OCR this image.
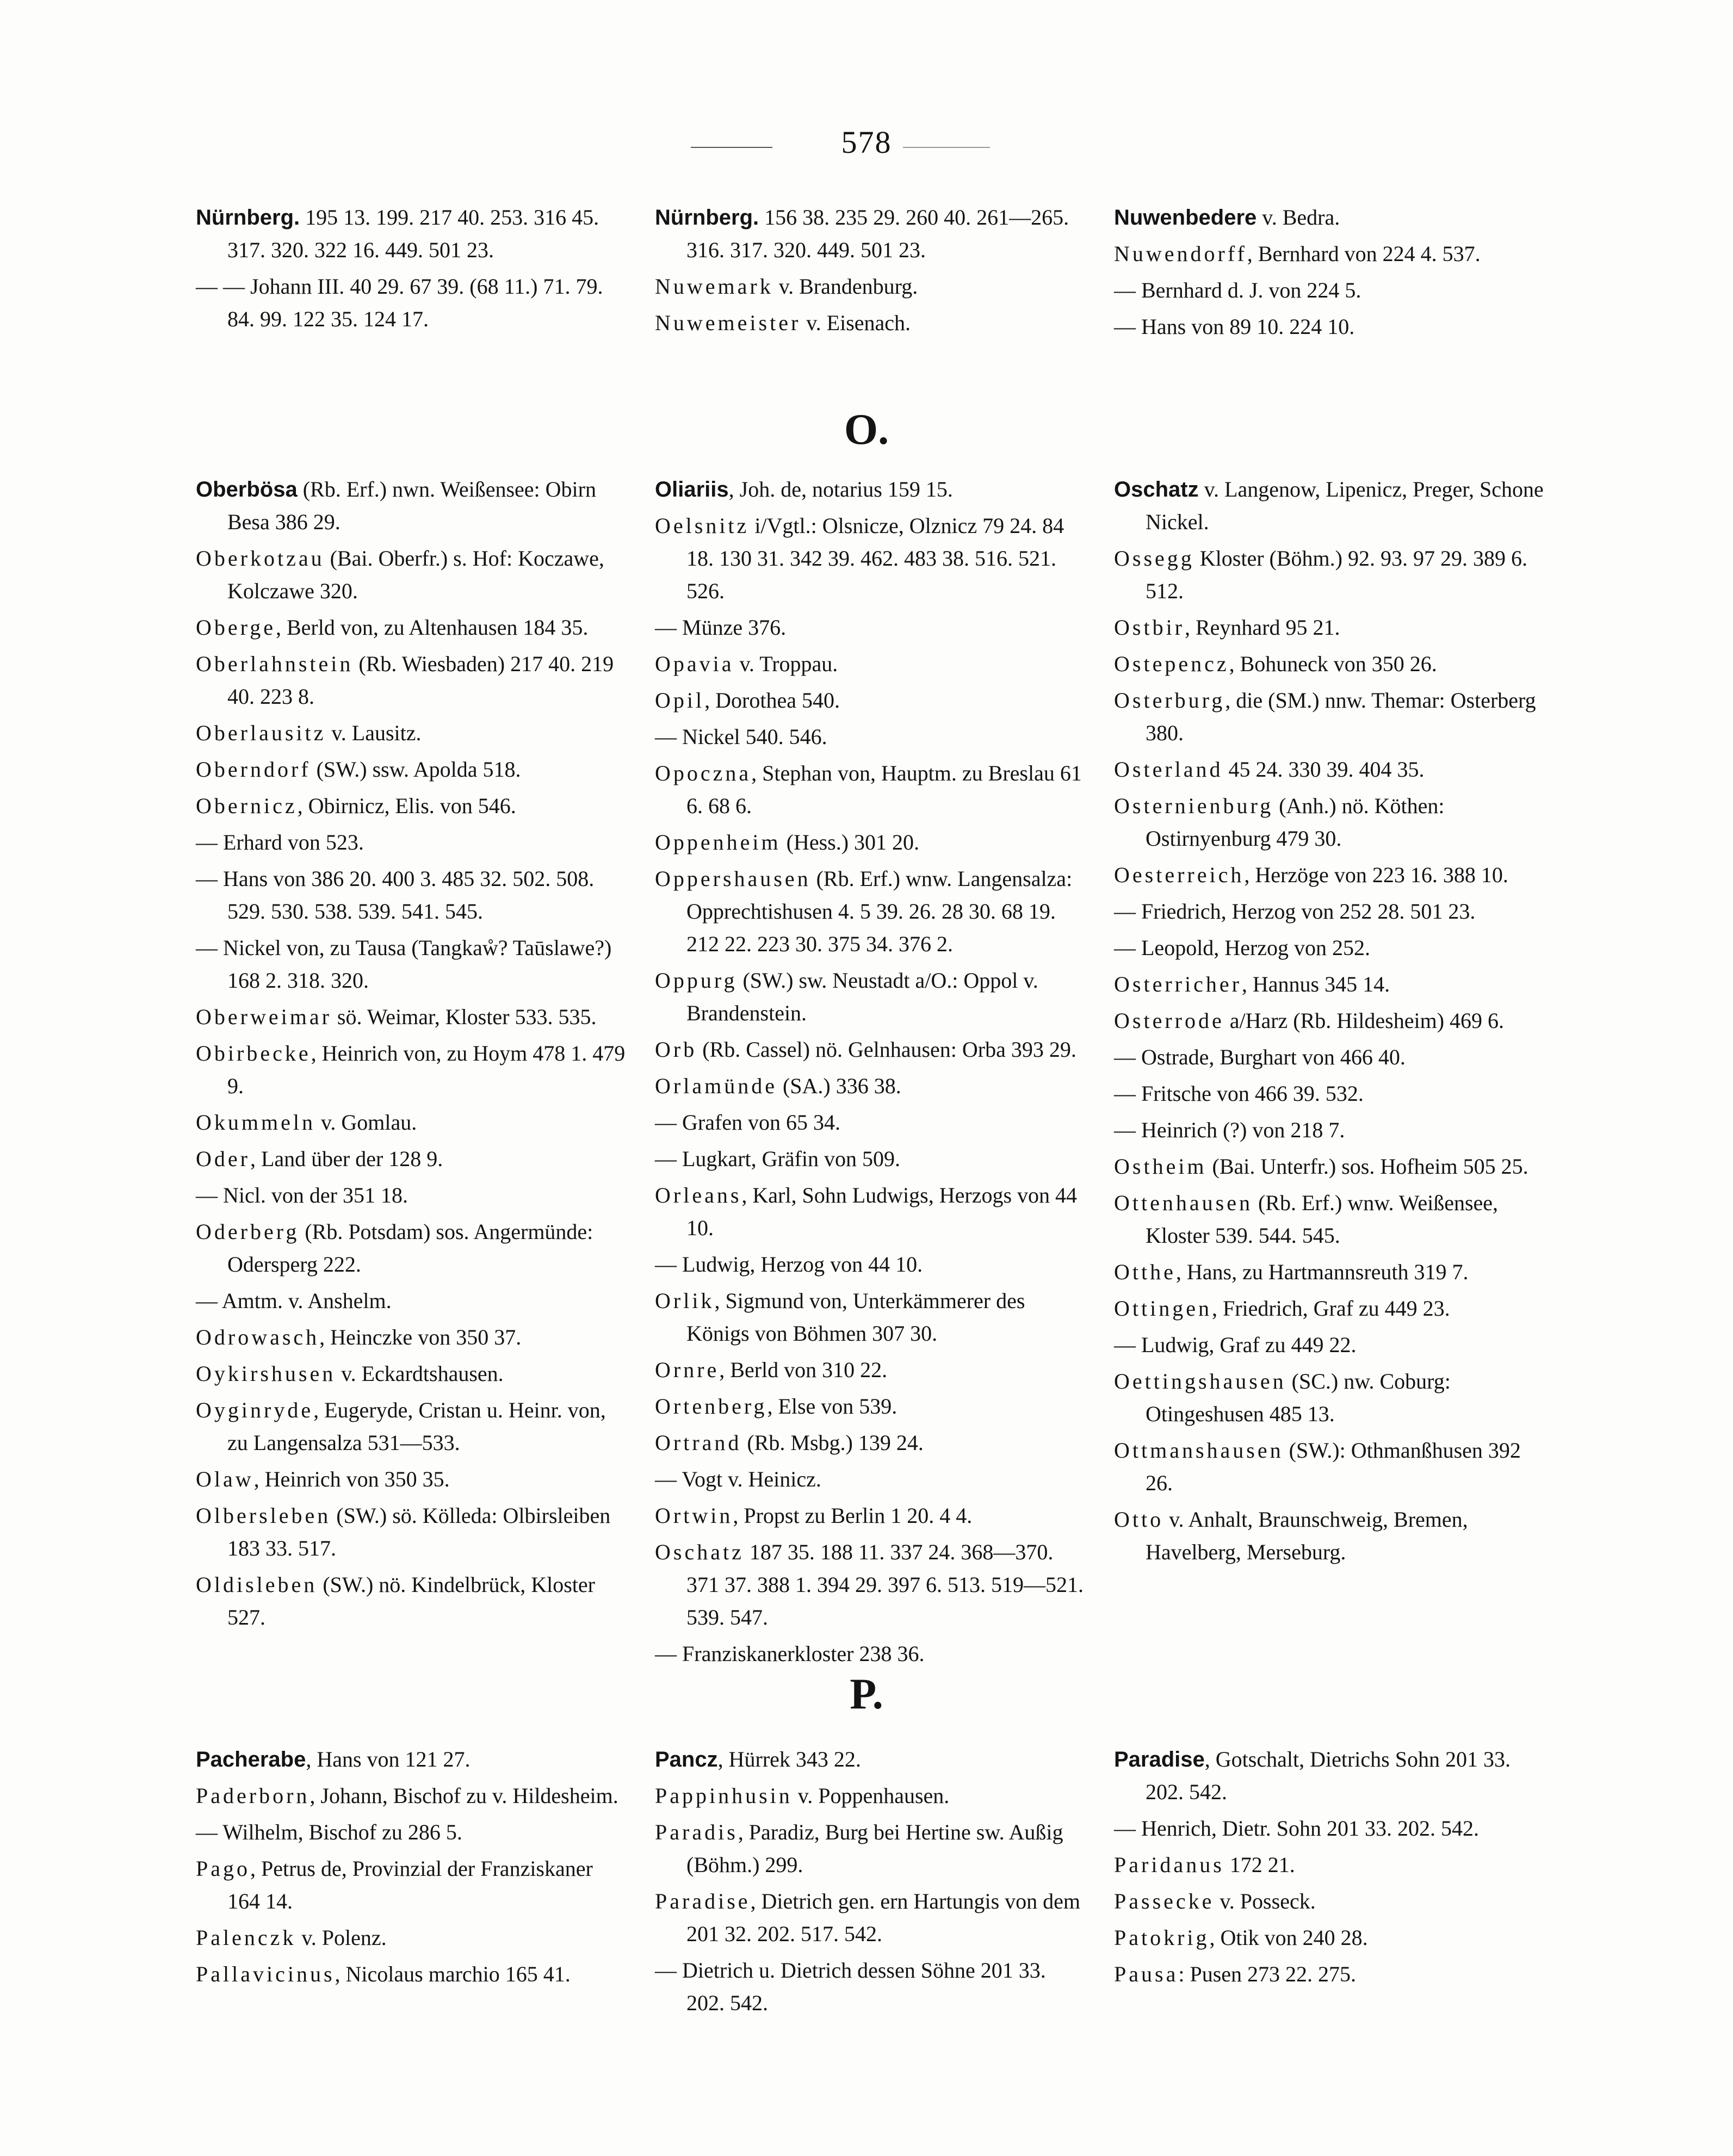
578
Nürnberg. 195 13. 199. 217 40. 253. 316 45. 317. 320. 322 16. 449. 501 23.
— — Johann III. 40 29. 67 39. (68 11.) 71. 79. 84. 99. 122 35. 124 17.
Nürnberg. 156 38. 235 29. 260 40. 261—265. 316. 317. 320. 449. 501 23.
Nuwemark v. Brandenburg.
Nuwemeister v. Eisenach.
Nuwenbedere v. Bedra.
Nuwendorff, Bernhard von 224 4. 537.
— Bernhard d. J. von 224 5.
— Hans von 89 10. 224 10.
O.
Oberbösa (Rb. Erf.) nwn. Weißensee: Obirn Besa 386 29.
Oberkotzau (Bai. Oberfr.) s. Hof: Koczawe, Kolczawe 320.
Oberge, Berld von, zu Altenhausen 184 35.
Oberlahnstein (Rb. Wiesbaden) 217 40. 219 40. 223 8.
Oberlausitz v. Lausitz.
Oberndorf (SW.) ssw. Apolda 518.
Obernicz, Obirnicz, Elis. von 546.
— Erhard von 523.
— Hans von 386 20. 400 3. 485 32. 502. 508. 529. 530. 538. 539. 541. 545.
— Nickel von, zu Tausa (Tangkaẘ? Taūslawe?) 168 2. 318. 320.
Oberweimar sö. Weimar, Kloster 533. 535.
Obirbecke, Heinrich von, zu Hoym 478 1. 479 9.
Okummeln v. Gomlau.
Oder, Land über der 128 9.
— Nicl. von der 351 18.
Oderberg (Rb. Potsdam) sos. Angermünde: Odersperg 222.
— Amtm. v. Anshelm.
Odrowasch, Heinczke von 350 37.
Oykirshusen v. Eckardtshausen.
Oyginryde, Eugeryde, Cristan u. Heinr. von, zu Langensalza 531—533.
Olaw, Heinrich von 350 35.
Olbersleben (SW.) sö. Kölleda: Olbirsleiben 183 33. 517.
Oldisleben (SW.) nö. Kindelbrück, Kloster 527.
Oliariis, Joh. de, notarius 159 15.
Oelsnitz i/Vgtl.: Olsnicze, Olznicz 79 24. 84 18. 130 31. 342 39. 462. 483 38. 516. 521. 526.
— Münze 376.
Opavia v. Troppau.
Opil, Dorothea 540.
— Nickel 540. 546.
Opoczna, Stephan von, Hauptm. zu Breslau 61 6. 68 6.
Oppenheim (Hess.) 301 20.
Oppershausen (Rb. Erf.) wnw. Langensalza: Opprechtishusen 4. 5 39. 26. 28 30. 68 19. 212 22. 223 30. 375 34. 376 2.
Oppurg (SW.) sw. Neustadt a/O.: Oppol v. Brandenstein.
Orb (Rb. Cassel) nö. Gelnhausen: Orba 393 29.
Orlamünde (SA.) 336 38.
— Grafen von 65 34.
— Lugkart, Gräfin von 509.
Orleans, Karl, Sohn Ludwigs, Herzogs von 44 10.
— Ludwig, Herzog von 44 10.
Orlik, Sigmund von, Unterkämmerer des Königs von Böhmen 307 30.
Ornre, Berld von 310 22.
Ortenberg, Else von 539.
Ortrand (Rb. Msbg.) 139 24.
— Vogt v. Heinicz.
Ortwin, Propst zu Berlin 1 20. 4 4.
Oschatz 187 35. 188 11. 337 24. 368—370. 371 37. 388 1. 394 29. 397 6. 513. 519—521. 539. 547.
— Franziskanerkloster 238 36.
Oschatz v. Langenow, Lipenicz, Preger, Schone Nickel.
Ossegg Kloster (Böhm.) 92. 93. 97 29. 389 6. 512.
Ostbir, Reynhard 95 21.
Ostepencz, Bohuneck von 350 26.
Osterburg, die (SM.) nnw. Themar: Osterberg 380.
Osterland 45 24. 330 39. 404 35.
Osternienburg (Anh.) nö. Köthen: Ostirnyenburg 479 30.
Oesterreich, Herzöge von 223 16. 388 10.
— Friedrich, Herzog von 252 28. 501 23.
— Leopold, Herzog von 252.
Osterricher, Hannus 345 14.
Osterrode a/Harz (Rb. Hildesheim) 469 6.
— Ostrade, Burghart von 466 40.
— Fritsche von 466 39. 532.
— Heinrich (?) von 218 7.
Ostheim (Bai. Unterfr.) sos. Hofheim 505 25.
Ottenhausen (Rb. Erf.) wnw. Weißensee, Kloster 539. 544. 545.
Otthe, Hans, zu Hartmannsreuth 319 7.
Ottingen, Friedrich, Graf zu 449 23.
— Ludwig, Graf zu 449 22.
Oettingshausen (SC.) nw. Coburg: Otingeshusen 485 13.
Ottmanshausen (SW.): Othmanßhusen 392 26.
Otto v. Anhalt, Braunschweig, Bremen, Havelberg, Merseburg.
P.
Pacherabe, Hans von 121 27.
Paderborn, Johann, Bischof zu v. Hildesheim.
— Wilhelm, Bischof zu 286 5.
Pago, Petrus de, Provinzial der Franziskaner 164 14.
Palenczk v. Polenz.
Pallavicinus, Nicolaus marchio 165 41.
Pancz, Hürrek 343 22.
Pappinhusin v. Poppenhausen.
Paradis, Paradiz, Burg bei Hertine sw. Außig (Böhm.) 299.
Paradise, Dietrich gen. ern Hartungis von dem 201 32. 202. 517. 542.
— Dietrich u. Dietrich dessen Söhne 201 33. 202. 542.
Paradise, Gotschalt, Dietrichs Sohn 201 33. 202. 542.
— Henrich, Dietr. Sohn 201 33. 202. 542.
Paridanus 172 21.
Passecke v. Posseck.
Patokrig, Otik von 240 28.
Pausa: Pusen 273 22. 275.
